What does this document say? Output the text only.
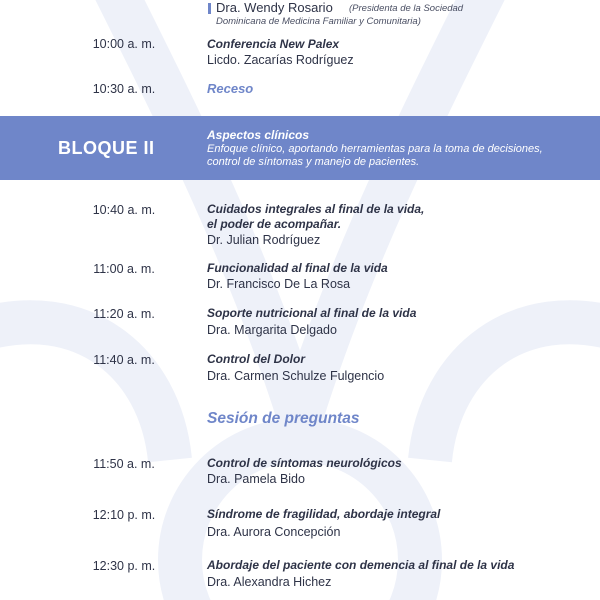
Dra. Wendy Rosario (Presidenta de la Sociedad
Dominicana de Medicina Familiar y Comunitaria)
10:00 a. m.	Conferencia New Palex
Licdo. Zacarías Rodríguez
10:30 a. m.	Receso
BLOQUE II
Aspectos clínicos
Enfoque clínico, aportando herramientas para la toma de decisiones, control de síntomas y manejo de pacientes.
10:40 a. m.	Cuidados integrales al final de la vida,
el poder de acompañar.
Dr. Julian Rodríguez
11:00 a. m.	Funcionalidad al final de la vida
Dr. Francisco De La Rosa
11:20 a. m.	Soporte nutricional al final de la vida
Dra. Margarita Delgado
11:40 a. m.	Control del Dolor
Dra. Carmen Schulze Fulgencio
Sesión de preguntas
11:50 a. m.	Control de síntomas neurológicos
Dra. Pamela Bido
12:10 p. m.	Síndrome de fragilidad, abordaje integral
Dra. Aurora Concepción
12:30 p. m.	Abordaje del paciente con demencia al final de la vida
Dra. Alexandra Hichez
